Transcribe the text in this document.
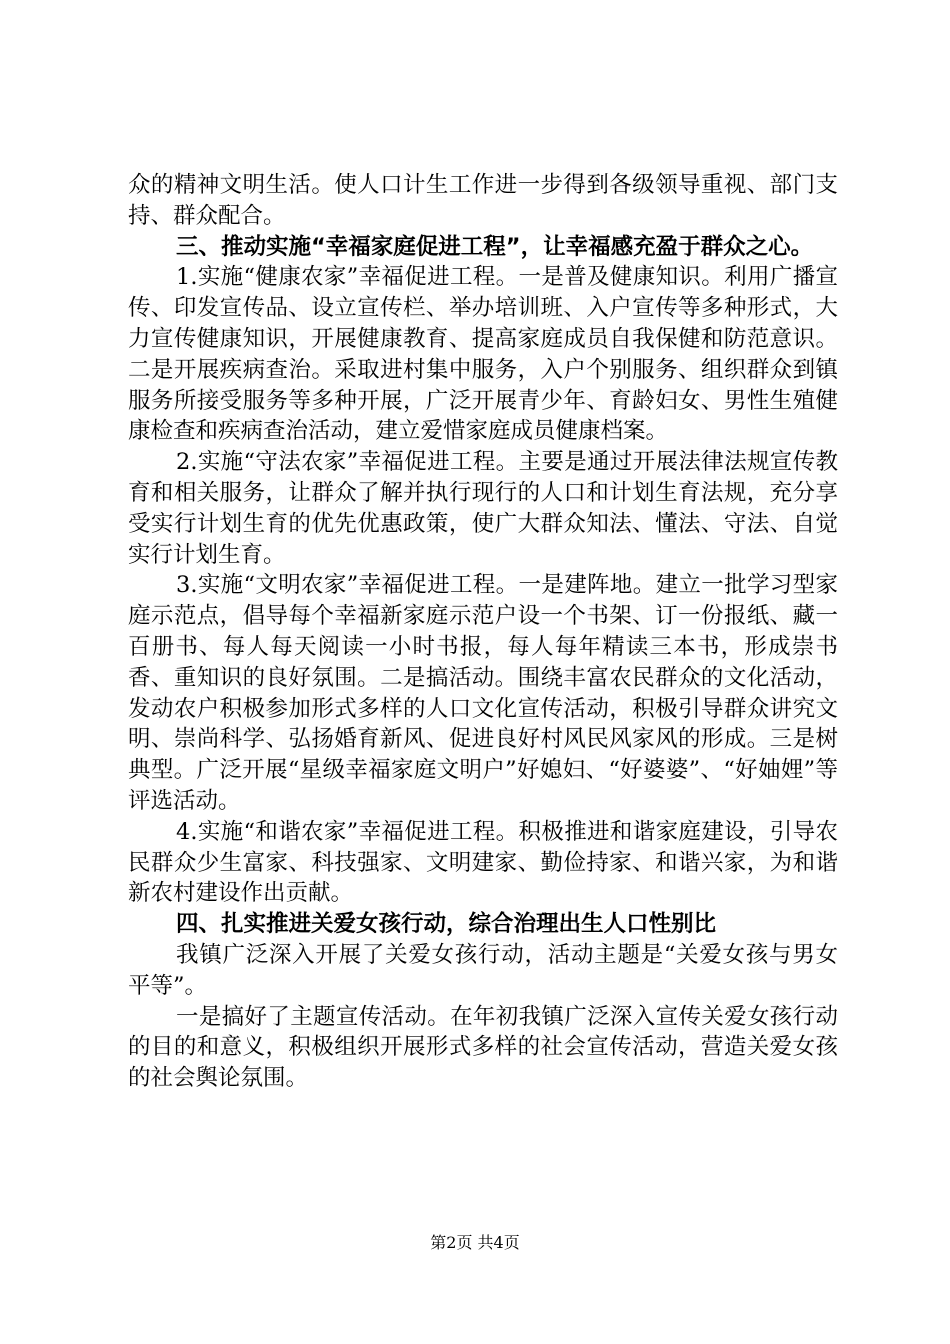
众的精神文明生活。使人口计生工作进一步得到各级领导重视、部门支持、群众配合。

三、推动实施“幸福家庭促进工程”，让幸福感充盈于群众之心。

1.实施“健康农家”幸福促进工程。一是普及健康知识。利用广播宣传、印发宣传品、设立宣传栏、举办培训班、入户宣传等多种形式，大力宣传健康知识，开展健康教育、提高家庭成员自我保健和防范意识。二是开展疾病查治。采取进村集中服务，入户个别服务、组织群众到镇服务所接受服务等多种开展，广泛开展青少年、育龄妇女、男性生殖健康检查和疾病查治活动，建立爱惜家庭成员健康档案。

2.实施“守法农家”幸福促进工程。主要是通过开展法律法规宣传教育和相关服务，让群众了解并执行现行的人口和计划生育法规，充分享受实行计划生育的优先优惠政策，使广大群众知法、懂法、守法、自觉实行计划生育。

3.实施“文明农家”幸福促进工程。一是建阵地。建立一批学习型家庭示范点，倡导每个幸福新家庭示范户设一个书架、订一份报纸、藏一百册书、每人每天阅读一小时书报，每人每年精读三本书，形成崇书香、重知识的良好氛围。二是搞活动。围绕丰富农民群众的文化活动，发动农户积极参加形式多样的人口文化宣传活动，积极引导群众讲究文明、崇尚科学、弘扬婚育新风、促进良好村风民风家风的形成。三是树典型。广泛开展“星级幸福家庭文明户”好媳妇、“好婆婆”、“好妯娌”等评选活动。

4.实施“和谐农家”幸福促进工程。积极推进和谐家庭建设，引导农民群众少生富家、科技强家、文明建家、勤俭持家、和谐兴家，为和谐新农村建设作出贡献。

四、扎实推进关爱女孩行动，综合治理出生人口性别比

我镇广泛深入开展了关爱女孩行动，活动主题是“关爱女孩与男女平等”。

一是搞好了主题宣传活动。在年初我镇广泛深入宣传关爱女孩行动的目的和意义，积极组织开展形式多样的社会宣传活动，营造关爱女孩的社会舆论氛围。

第2页 共4页
